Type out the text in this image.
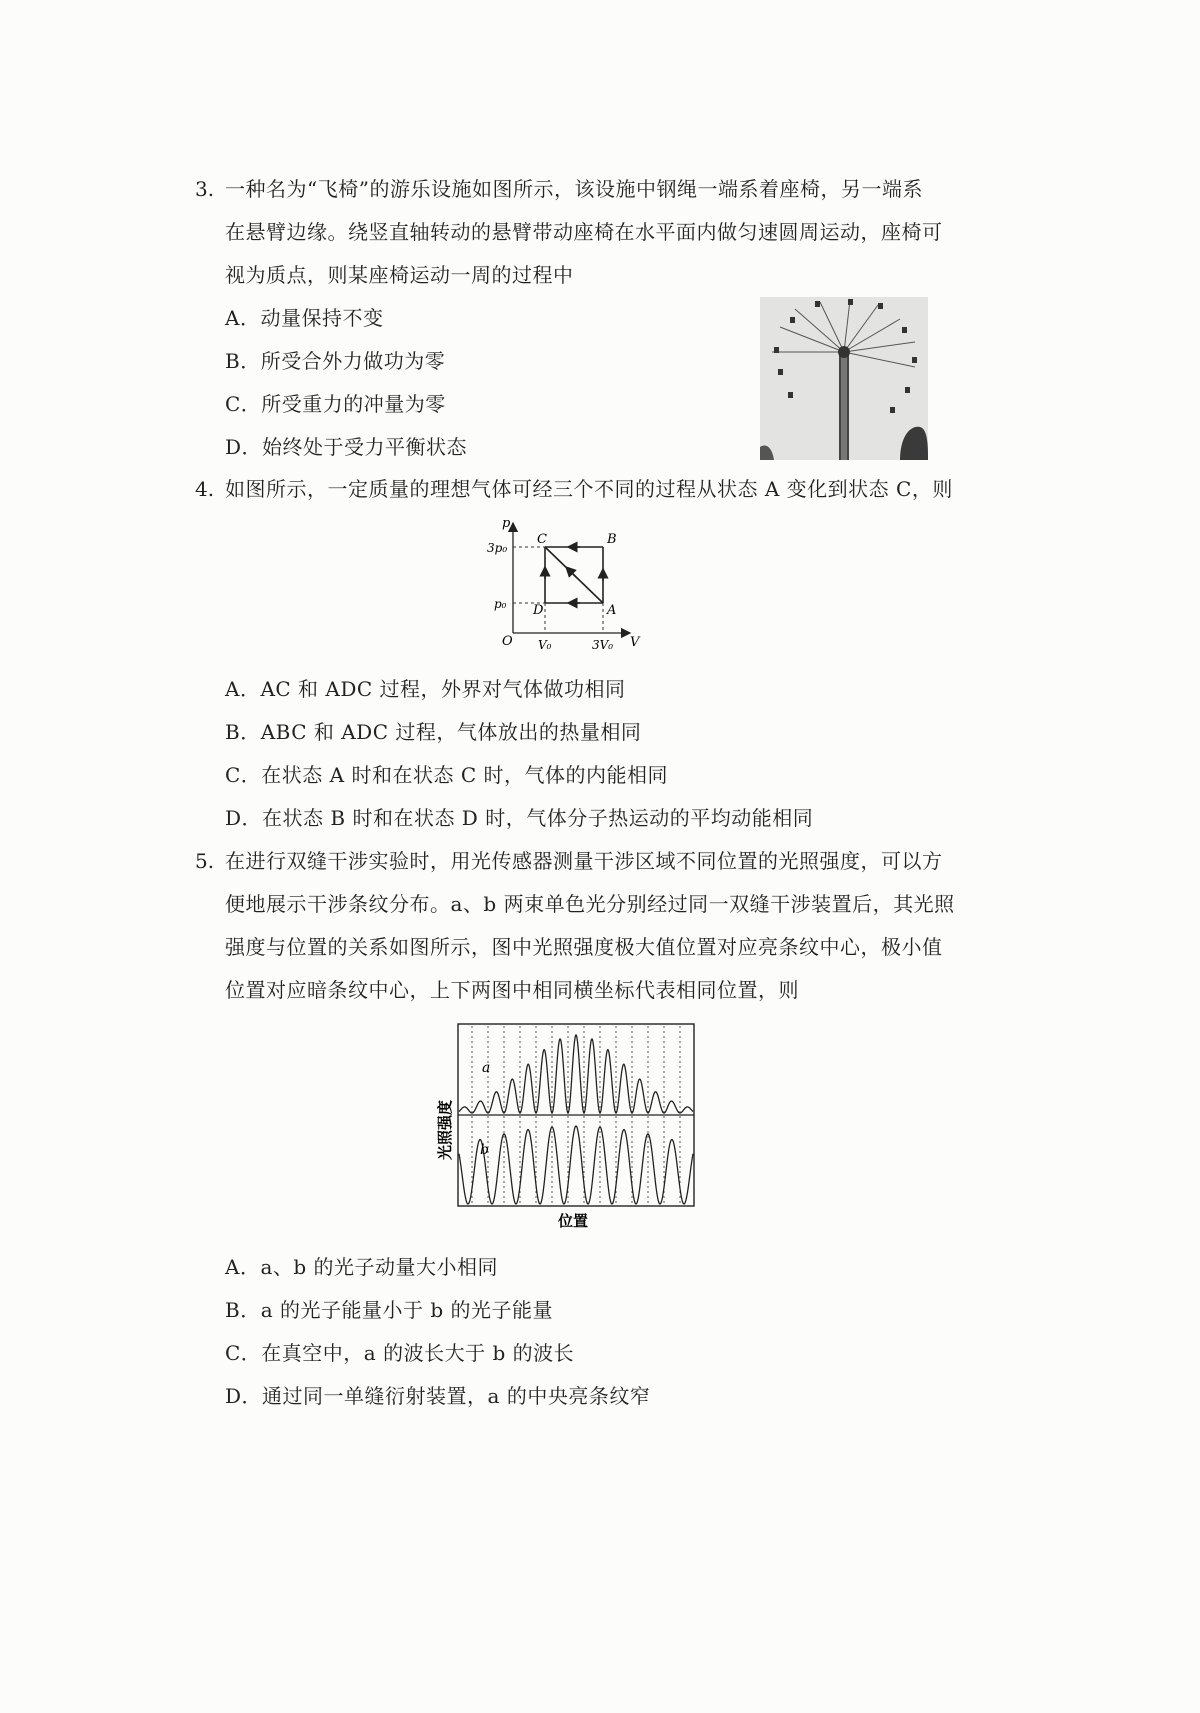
3. 一种名为“飞椅”的游乐设施如图所示，该设施中钢绳一端系着座椅，另一端系
在悬臂边缘。绕竖直轴转动的悬臂带动座椅在水平面内做匀速圆周运动，座椅可
视为质点，则某座椅运动一周的过程中
A．动量保持不变
B．所受合外力做功为零
C．所受重力的冲量为零
D．始终处于受力平衡状态
4. 如图所示，一定质量的理想气体可经三个不同的过程从状态 A 变化到状态 C，则
p
V
O
3p₀
p₀
V₀	3V₀
A
B
C
D
A．AC 和 ADC 过程，外界对气体做功相同
B．ABC 和 ADC 过程，气体放出的热量相同
C．在状态 A 时和在状态 C 时，气体的内能相同
D．在状态 B 时和在状态 D 时，气体分子热运动的平均动能相同
5. 在进行双缝干涉实验时，用光传感器测量干涉区域不同位置的光照强度，可以方
便地展示干涉条纹分布。a、b 两束单色光分别经过同一双缝干涉装置后，其光照
强度与位置的关系如图所示，图中光照强度极大值位置对应亮条纹中心，极小值
位置对应暗条纹中心，上下两图中相同横坐标代表相同位置，则
a
b
光照强度
位置
A．a、b 的光子动量大小相同
B．a 的光子能量小于 b 的光子能量
C．在真空中，a 的波长大于 b 的波长
D．通过同一单缝衍射装置，a 的中央亮条纹窄
